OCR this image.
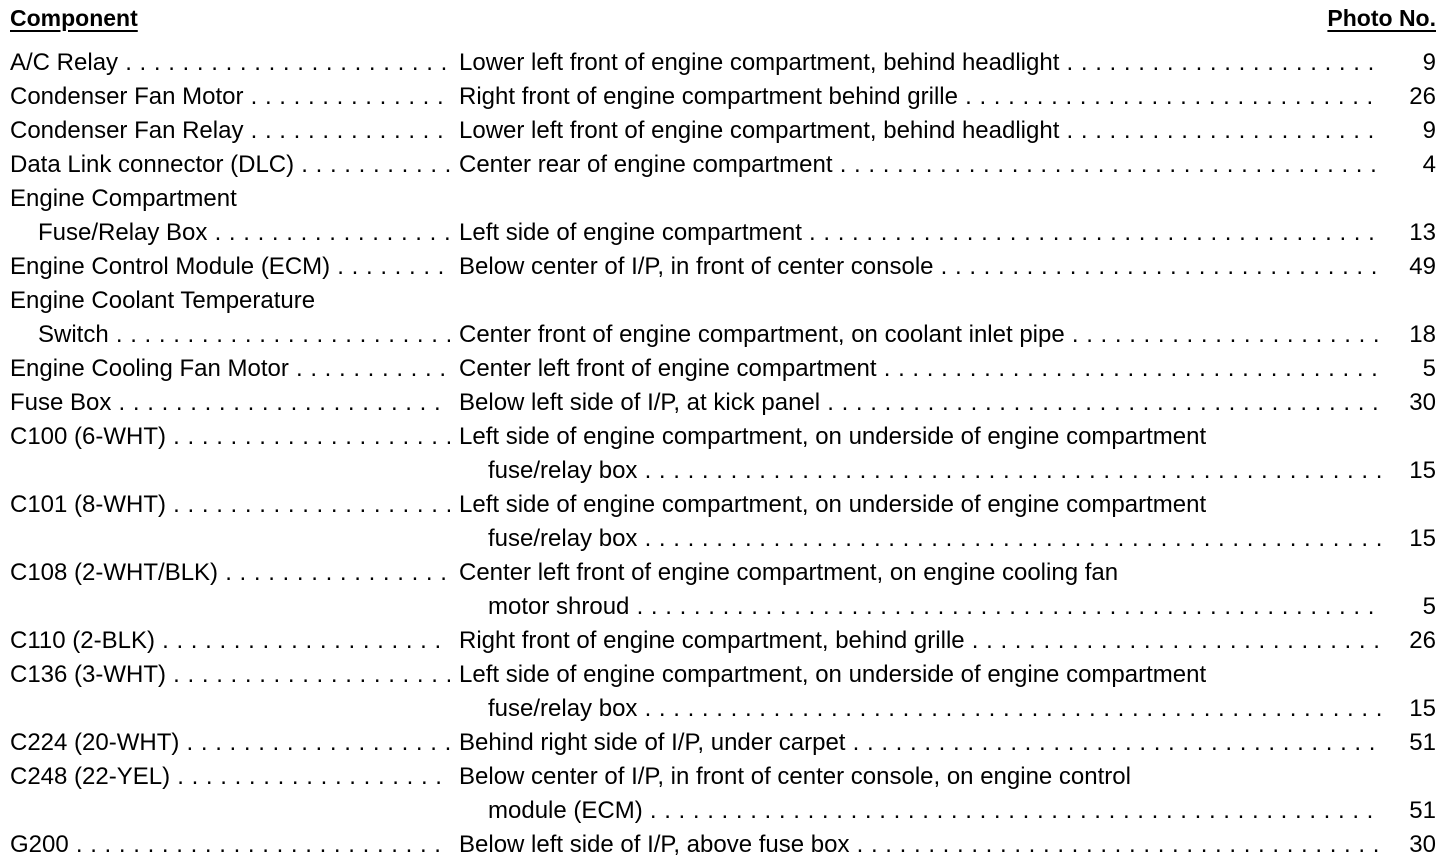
Component	Photo No.
A/C Relay . . .	Lower left front of engine compartment, behind headlight . . .	9
Condenser Fan Motor . . .	Right front of engine compartment behind grille . . .	26
Condenser Fan Relay . . .	Lower left front of engine compartment, behind headlight . . .	9
Data Link connector (DLC) . . .	Center rear of engine compartment . . .	4
Engine Compartment
Fuse/Relay Box . . .	Left side of engine compartment . . .	13
Engine Control Module (ECM) . . .	Below center of I/P, in front of center console . . .	49
Engine Coolant Temperature
Switch . . .	Center front of engine compartment, on coolant inlet pipe . . .	18
Engine Cooling Fan Motor . . .	Center left front of engine compartment . . .	5
Fuse Box . . .	Below left side of I/P, at kick panel . . .	30
C100 (6-WHT) . . .	Left side of engine compartment, on underside of engine compartment
fuse/relay box . . .	15
C101 (8-WHT) . . .	Left side of engine compartment, on underside of engine compartment
fuse/relay box . . .	15
C108 (2-WHT/BLK) . . .	Center left front of engine compartment, on engine cooling fan
motor shroud . . .	5
C110 (2-BLK) . . .	Right front of engine compartment, behind grille . . .	26
C136 (3-WHT) . . .	Left side of engine compartment, on underside of engine compartment
fuse/relay box . . .	15
C224 (20-WHT) . . .	Behind right side of I/P, under carpet . . .	51
C248 (22-YEL) . . .	Below center of I/P, in front of center console, on engine control
module (ECM) . . .	51
G200 . . .	Below left side of I/P, above fuse box . . .	30
